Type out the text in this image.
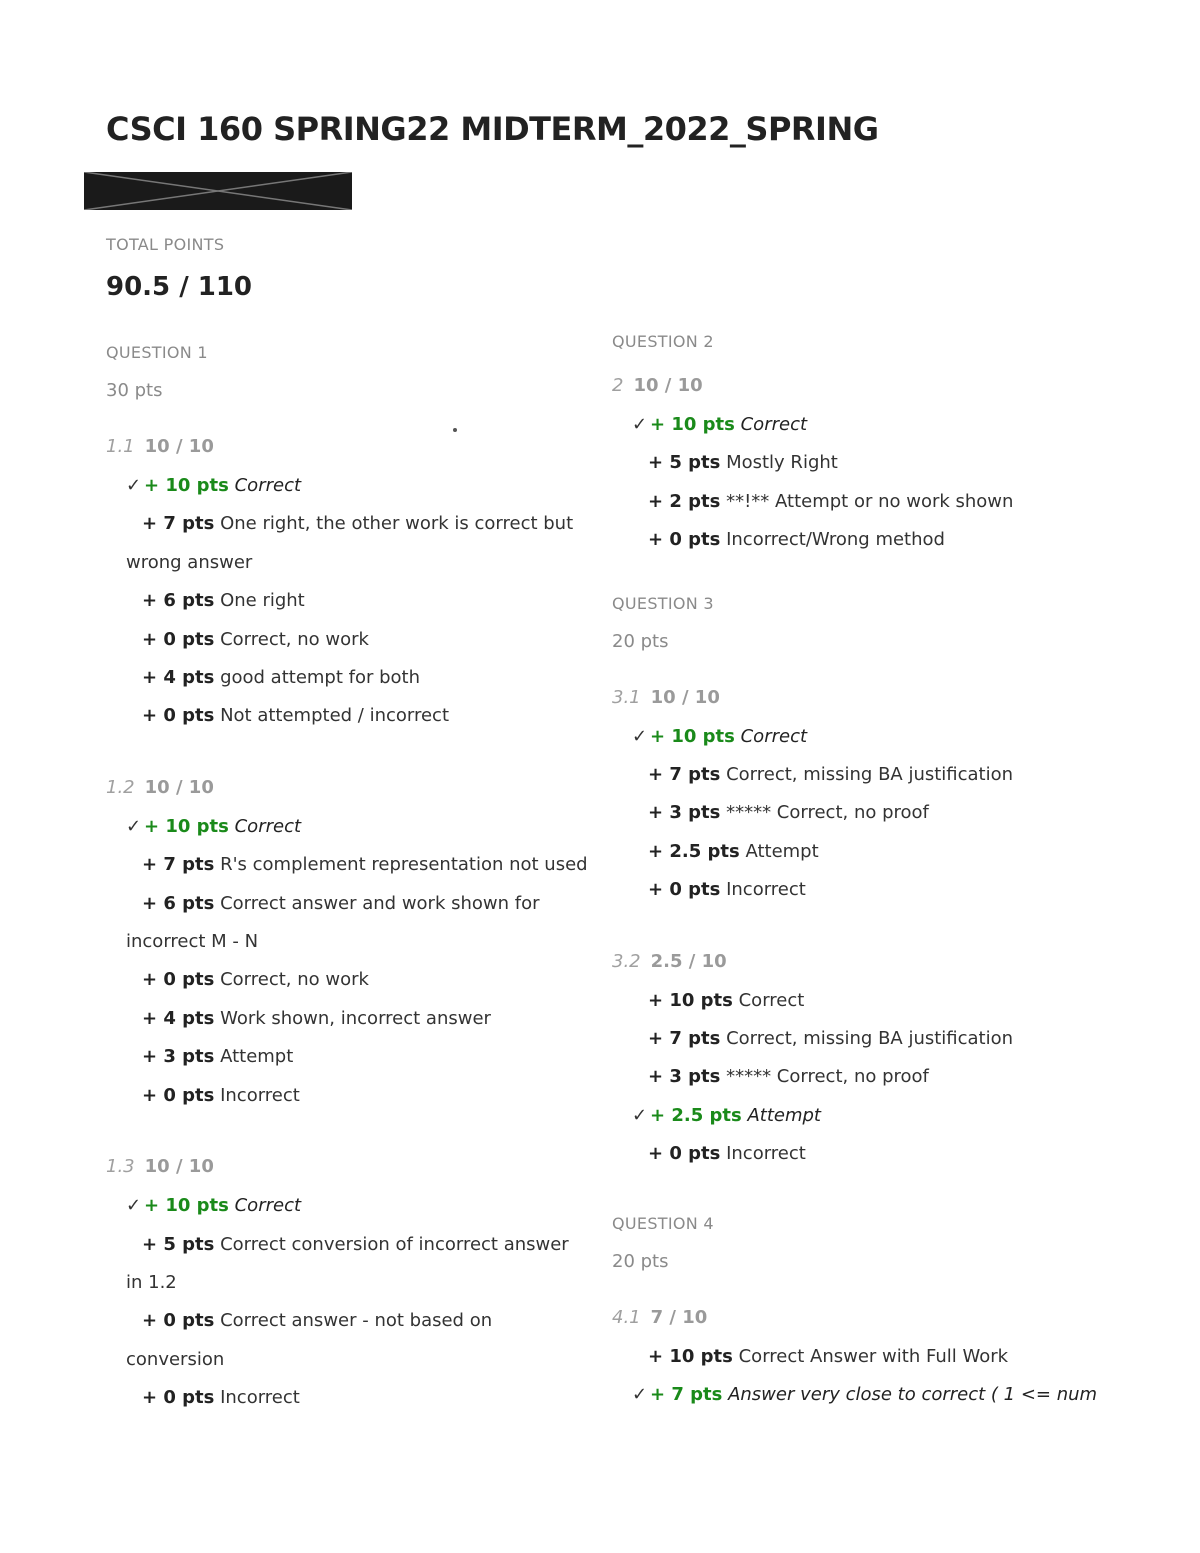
CSCI 160 SPRING22 MIDTERM_2022_SPRING
TOTAL POINTS
90.5 / 110
QUESTION 1
30 pts
1.1 10 / 10
✓ + 10 pts Correct
+ 7 pts One right, the other work is correct but
wrong answer
+ 6 pts One right
+ 0 pts Correct, no work
+ 4 pts good attempt for both
+ 0 pts Not attempted / incorrect
1.2 10 / 10
✓ + 10 pts Correct
+ 7 pts R's complement representation not used
+ 6 pts Correct answer and work shown for
incorrect M - N
+ 0 pts Correct, no work
+ 4 pts Work shown, incorrect answer
+ 3 pts Attempt
+ 0 pts Incorrect
1.3 10 / 10
✓ + 10 pts Correct
+ 5 pts Correct conversion of incorrect answer
in 1.2
+ 0 pts Correct answer - not based on
conversion
+ 0 pts Incorrect
QUESTION 2
2 10 / 10
✓ + 10 pts Correct
+ 5 pts Mostly Right
+ 2 pts **!** Attempt or no work shown
+ 0 pts Incorrect/Wrong method
QUESTION 3
20 pts
3.1 10 / 10
✓ + 10 pts Correct
+ 7 pts Correct, missing BA justification
+ 3 pts ***** Correct, no proof
+ 2.5 pts Attempt
+ 0 pts Incorrect
3.2 2.5 / 10
+ 10 pts Correct
+ 7 pts Correct, missing BA justification
+ 3 pts ***** Correct, no proof
✓ + 2.5 pts Attempt
+ 0 pts Incorrect
QUESTION 4
20 pts
4.1 7 / 10
+ 10 pts Correct Answer with Full Work
✓ + 7 pts Answer very close to correct ( 1 <= num
